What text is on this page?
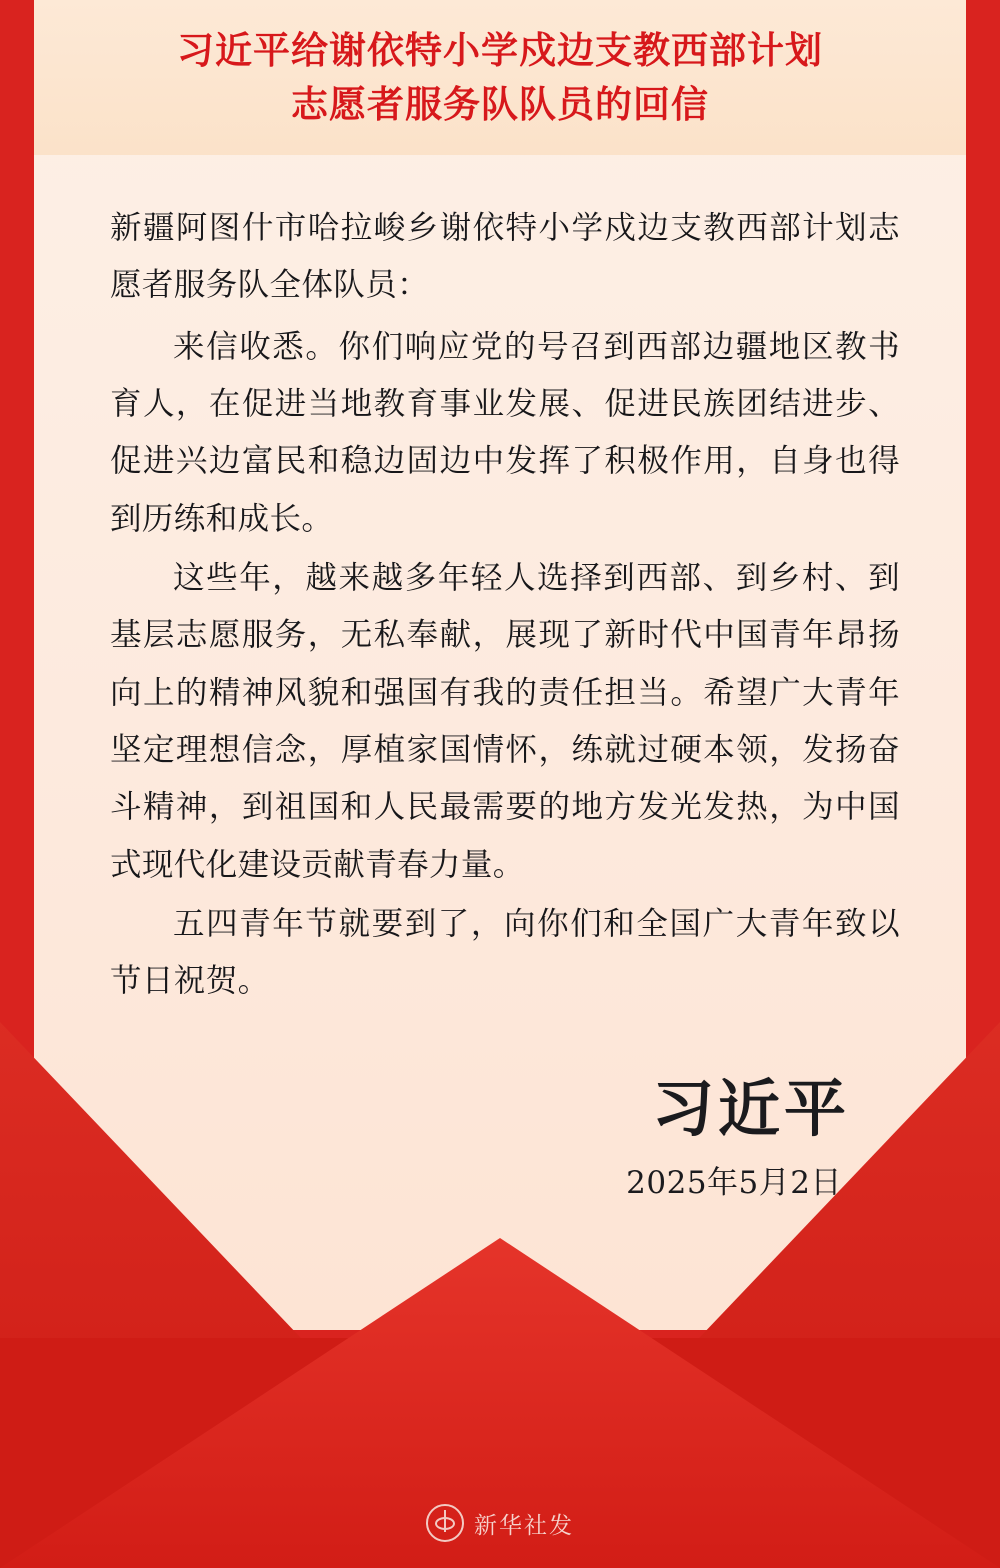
习近平给谢依特小学戍边支教西部计划
志愿者服务队队员的回信

新疆阿图什市哈拉峻乡谢依特小学戍边支教西部计划志愿者服务队全体队员：

来信收悉。你们响应党的号召到西部边疆地区教书育人，在促进当地教育事业发展、促进民族团结进步、促进兴边富民和稳边固边中发挥了积极作用，自身也得到历练和成长。

这些年，越来越多年轻人选择到西部、到乡村、到基层志愿服务，无私奉献，展现了新时代中国青年昂扬向上的精神风貌和强国有我的责任担当。希望广大青年坚定理想信念，厚植家国情怀，练就过硬本领，发扬奋斗精神，到祖国和人民最需要的地方发光发热，为中国式现代化建设贡献青春力量。

五四青年节就要到了，向你们和全国广大青年致以节日祝贺。

习近平
2025年5月2日
新华社发
